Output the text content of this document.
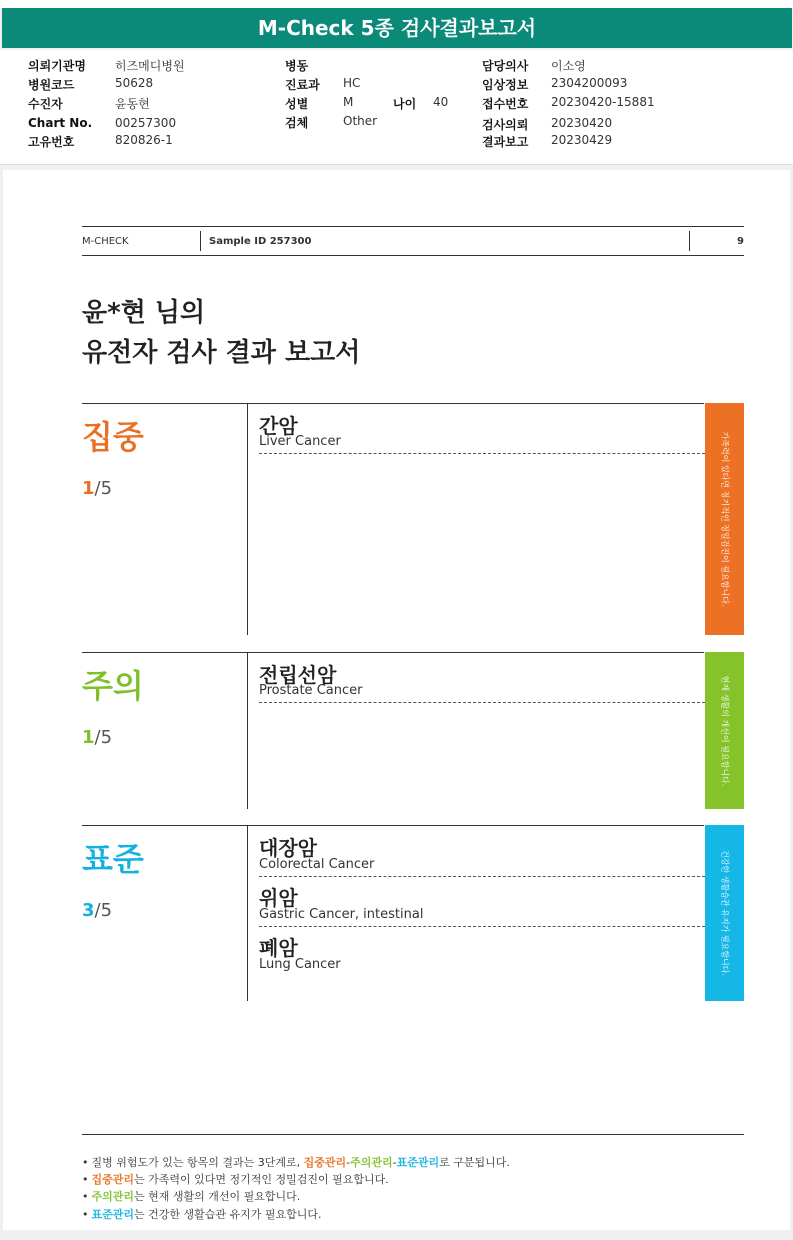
M-Check 5종 검사결과보고서
의뢰기관명 히즈메디병원
병원코드	50628
수진자	윤동현
Chart No. 00257300
고유번호	820826-1
병동
진료과 HC
성별	M	나이 40
검체	Other
담당의사 이소영
임상정보 2304200093
접수번호 20230420-15881
검사의뢰 20230420
결과보고 20230429
M-CHECK	Sample ID 257300	9
윤*현 님의
유전자 검사 결과 보고서
집중
1/5
간암
Liver Cancer	가족력이 있다면 정기적인 정밀검진이 필요합니다.
주의
1/5
전립선암
Prostate Cancer	현재 생활의 개선이 필요합니다.
표준
3/5
대장암
Colorectal Cancer
위암
Gastric Cancer, intestinal
폐암
Lung Cancer	건강한 생활습관 유지가 필요합니다.
• 질병 위험도가 있는 항목의 결과는 3단계로, 집중관리-주의관리-표준관리로 구분됩니다.
• 집중관리는 가족력이 있다면 정기적인 정밀검진이 필요합니다.
• 주의관리는 현재 생활의 개선이 필요합니다.
• 표준관리는 건강한 생활습관 유지가 필요합니다.
